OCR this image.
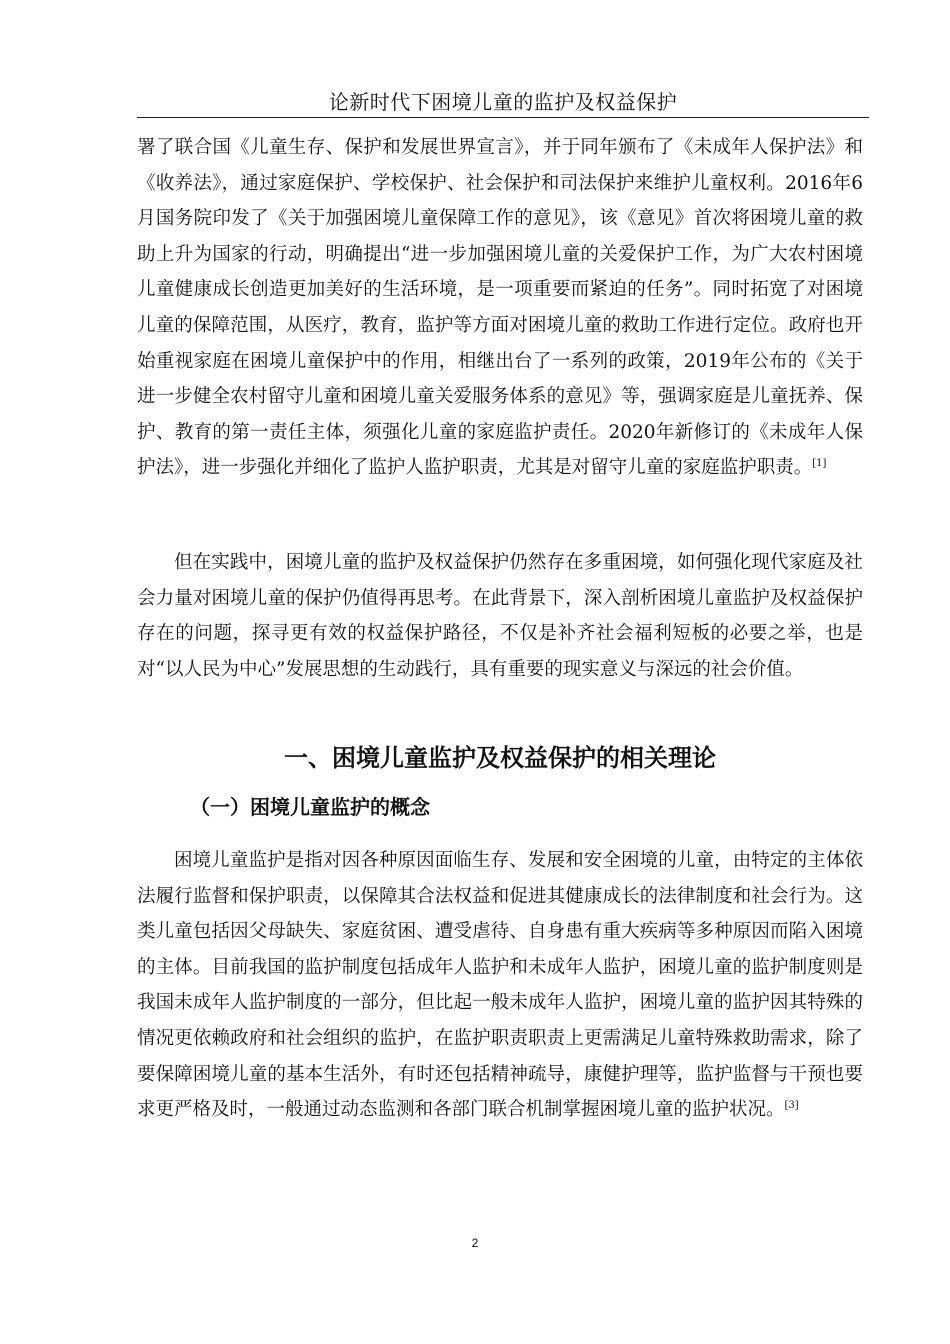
论新时代下困境儿童的监护及权益保护

署了联合国《儿童生存、保护和发展世界宣言》，并于同年颁布了《未成年人保护法》和《收养法》，通过家庭保护、学校保护、社会保护和司法保护来维护儿童权利。2016年6月国务院印发了《关于加强困境儿童保障工作的意见》，该《意见》首次将困境儿童的救助上升为国家的行动，明确提出“进一步加强困境儿童的关爱保护工作，为广大农村困境儿童健康成长创造更加美好的生活环境，是一项重要而紧迫的任务”。同时拓宽了对困境儿童的保障范围，从医疗，教育，监护等方面对困境儿童的救助工作进行定位。政府也开始重视家庭在困境儿童保护中的作用，相继出台了一系列的政策，2019年公布的《关于进一步健全农村留守儿童和困境儿童关爱服务体系的意见》等，强调家庭是儿童抚养、保护、教育的第一责任主体，须强化儿童的家庭监护责任。2020年新修订的《未成年人保护法》，进一步强化并细化了监护人监护职责，尤其是对留守儿童的家庭监护职责。[1]

但在实践中，困境儿童的监护及权益保护仍然存在多重困境，如何强化现代家庭及社会力量对困境儿童的保护仍值得再思考。在此背景下，深入剖析困境儿童监护及权益保护存在的问题，探寻更有效的权益保护路径，不仅是补齐社会福利短板的必要之举，也是对“以人民为中心”发展思想的生动践行，具有重要的现实意义与深远的社会价值。

一、困境儿童监护及权益保护的相关理论
（一）困境儿童监护的概念

困境儿童监护是指对因各种原因面临生存、发展和安全困境的儿童，由特定的主体依法履行监督和保护职责，以保障其合法权益和促进其健康成长的法律制度和社会行为。这类儿童包括因父母缺失、家庭贫困、遭受虐待、自身患有重大疾病等多种原因而陷入困境的主体。目前我国的监护制度包括成年人监护和未成年人监护，困境儿童的监护制度则是我国未成年人监护制度的一部分，但比起一般未成年人监护，困境儿童的监护因其特殊的情况更依赖政府和社会组织的监护，在监护职责职责上更需满足儿童特殊救助需求，除了要保障困境儿童的基本生活外，有时还包括精神疏导，康健护理等，监护监督与干预也要求更严格及时，一般通过动态监测和各部门联合机制掌握困境儿童的监护状况。[3]

2
